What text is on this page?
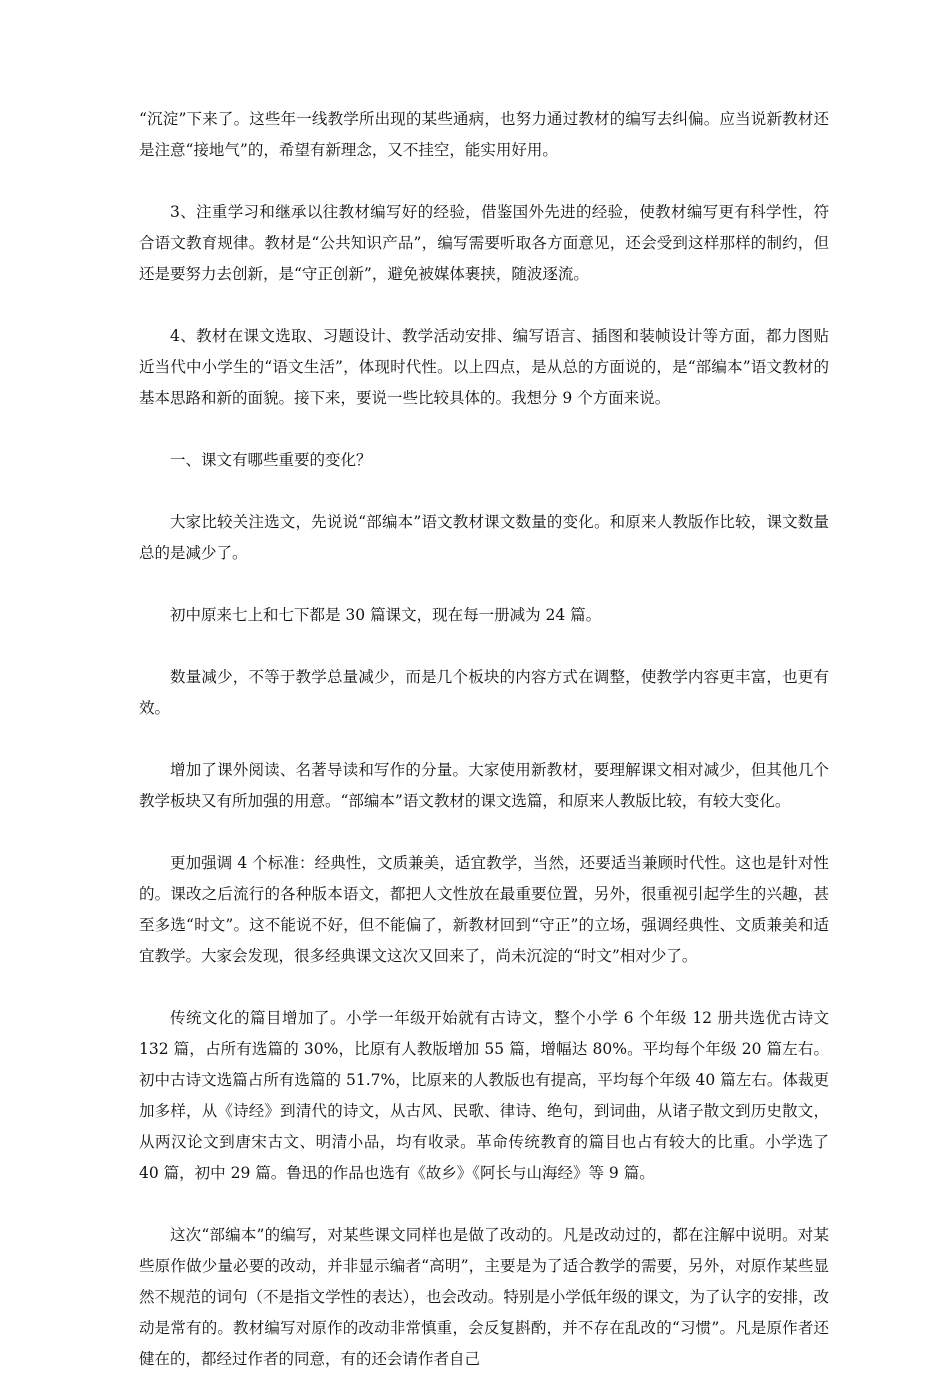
“沉淀”下来了。这些年一线教学所出现的某些通病，也努力通过教材的编写去纠偏。应当说新教材还是注意“接地气”的，希望有新理念，又不挂空，能实用好用。

3、注重学习和继承以往教材编写好的经验，借鉴国外先进的经验，使教材编写更有科学性，符合语文教育规律。教材是“公共知识产品”，编写需要听取各方面意见，还会受到这样那样的制约，但还是要努力去创新，是“守正创新”，避免被媒体裹挟，随波逐流。

4、教材在课文选取、习题设计、教学活动安排、编写语言、插图和装帧设计等方面，都力图贴近当代中小学生的“语文生活”，体现时代性。以上四点，是从总的方面说的，是“部编本”语文教材的基本思路和新的面貌。接下来，要说一些比较具体的。我想分 9 个方面来说。

一、课文有哪些重要的变化？

大家比较关注选文，先说说“部编本”语文教材课文数量的变化。和原来人教版作比较，课文数量总的是减少了。

初中原来七上和七下都是 30 篇课文，现在每一册减为 24 篇。

数量减少，不等于教学总量减少，而是几个板块的内容方式在调整，使教学内容更丰富，也更有效。

增加了课外阅读、名著导读和写作的分量。大家使用新教材，要理解课文相对减少，但其他几个教学板块又有所加强的用意。“部编本”语文教材的课文选篇，和原来人教版比较，有较大变化。

更加强调 4 个标准：经典性，文质兼美，适宜教学，当然，还要适当兼顾时代性。这也是针对性的。课改之后流行的各种版本语文，都把人文性放在最重要位置，另外，很重视引起学生的兴趣，甚至多选“时文”。这不能说不好，但不能偏了，新教材回到“守正”的立场，强调经典性、文质兼美和适宜教学。大家会发现，很多经典课文这次又回来了，尚未沉淀的“时文”相对少了。

传统文化的篇目增加了。小学一年级开始就有古诗文，整个小学 6 个年级 12 册共选优古诗文 132 篇，占所有选篇的 30%，比原有人教版增加 55 篇，增幅达 80%。平均每个年级 20 篇左右。初中古诗文选篇占所有选篇的 51.7%，比原来的人教版也有提高，平均每个年级 40 篇左右。体裁更加多样，从《诗经》到清代的诗文，从古风、民歌、律诗、绝句，到词曲，从诸子散文到历史散文，从两汉论文到唐宋古文、明清小品，均有收录。革命传统教育的篇目也占有较大的比重。小学选了 40 篇，初中 29 篇。鲁迅的作品也选有《故乡》《阿长与山海经》等 9 篇。

这次“部编本”的编写，对某些课文同样也是做了改动的。凡是改动过的，都在注解中说明。对某些原作做少量必要的改动，并非显示编者“高明”，主要是为了适合教学的需要，另外，对原作某些显然不规范的词句（不是指文学性的表达），也会改动。特别是小学低年级的课文，为了认字的安排，改动是常有的。教材编写对原作的改动非常慎重，会反复斟酌，并不存在乱改的“习惯”。凡是原作者还健在的，都经过作者的同意，有的还会请作者自己
